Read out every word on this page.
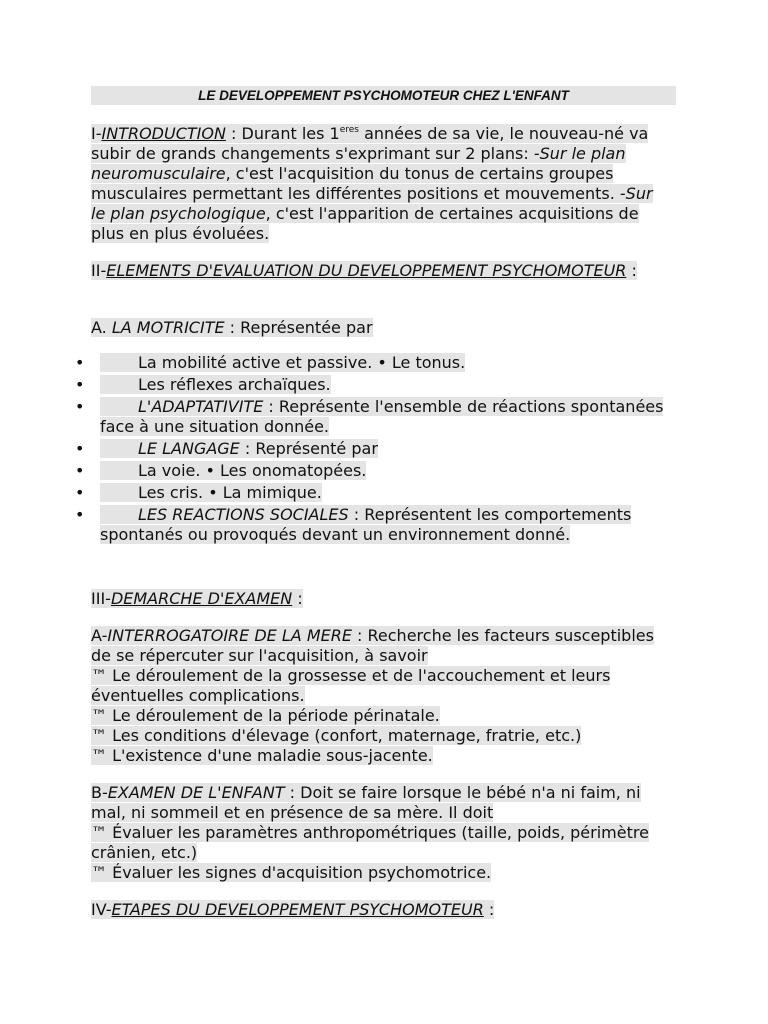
LE DEVELOPPEMENT PSYCHOMOTEUR CHEZ L'ENFANT
I-INTRODUCTION : Durant les $1^{eres}$ années de sa vie, le nouveau-né va subir de grands changements s'exprimant sur 2 plans: -Sur le plan neuromusculaire, c'est l'acquisition du tonus de certains groupes musculaires permettant les différentes positions et mouvements. -Sur le plan psychologique, c'est l'apparition de certaines acquisitions de plus en plus évoluées.
II-ELEMENTS D'EVALUATION DU DEVELOPPEMENT PSYCHOMOTEUR :
A. LA MOTRICITE : Représentée par
•	La mobilité active et passive. • Le tonus.
•	Les réflexes archaïques.
•	L'ADAPTATIVITE : Représente l'ensemble de réactions spontanées face à une situation donnée.
•	LE LANGAGE : Représenté par
•	La voie. • Les onomatopées.
•	Les cris. • La mimique.
•	LES REACTIONS SOCIALES : Représentent les comportements spontanés ou provoqués devant un environnement donné.
III-DEMARCHE D'EXAMEN :
A-INTERROGATOIRE DE LA MERE : Recherche les facteurs susceptibles de se répercuter sur l'acquisition, à savoir
™ Le déroulement de la grossesse et de l'accouchement et leurs éventuelles complications.
™ Le déroulement de la période périnatale.
™ Les conditions d'élevage (confort, maternage, fratrie, etc.)
™ L'existence d'une maladie sous-jacente.
B-EXAMEN DE L'ENFANT : Doit se faire lorsque le bébé n'a ni faim, ni mal, ni sommeil et en présence de sa mère. Il doit
™ Évaluer les paramètres anthropométriques (taille, poids, périmètre crânien, etc.)
™ Évaluer les signes d'acquisition psychomotrice.
IV-ETAPES DU DEVELOPPEMENT PSYCHOMOTEUR :
